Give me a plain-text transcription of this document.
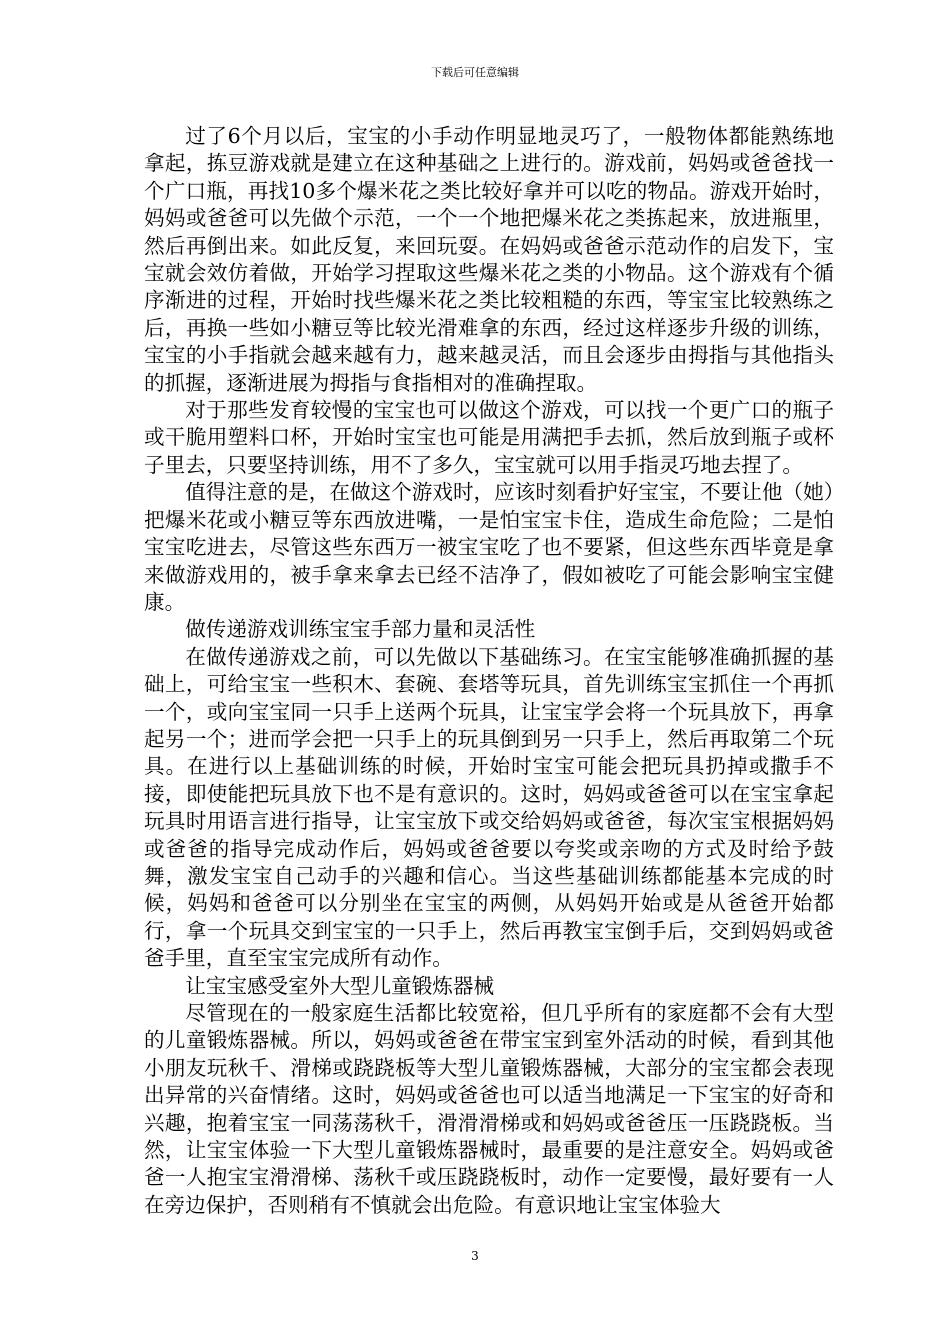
下载后可任意编辑

过了6个月以后，宝宝的小手动作明显地灵巧了，一般物体都能熟练地拿起，拣豆游戏就是建立在这种基础之上进行的。游戏前，妈妈或爸爸找一个广口瓶，再找10多个爆米花之类比较好拿并可以吃的物品。游戏开始时，妈妈或爸爸可以先做个示范，一个一个地把爆米花之类拣起来，放进瓶里，然后再倒出来。如此反复，来回玩耍。在妈妈或爸爸示范动作的启发下，宝宝就会效仿着做，开始学习捏取这些爆米花之类的小物品。这个游戏有个循序渐进的过程，开始时找些爆米花之类比较粗糙的东西，等宝宝比较熟练之后，再换一些如小糖豆等比较光滑难拿的东西，经过这样逐步升级的训练，宝宝的小手指就会越来越有力，越来越灵活，而且会逐步由拇指与其他指头的抓握，逐渐进展为拇指与食指相对的准确捏取。

对于那些发育较慢的宝宝也可以做这个游戏，可以找一个更广口的瓶子或干脆用塑料口杯，开始时宝宝也可能是用满把手去抓，然后放到瓶子或杯子里去，只要坚持训练，用不了多久，宝宝就可以用手指灵巧地去捏了。

值得注意的是，在做这个游戏时，应该时刻看护好宝宝，不要让他（她）把爆米花或小糖豆等东西放进嘴，一是怕宝宝卡住，造成生命危险；二是怕宝宝吃进去，尽管这些东西万一被宝宝吃了也不要紧，但这些东西毕竟是拿来做游戏用的，被手拿来拿去已经不洁净了，假如被吃了可能会影响宝宝健康。

做传递游戏训练宝宝手部力量和灵活性

在做传递游戏之前，可以先做以下基础练习。在宝宝能够准确抓握的基础上，可给宝宝一些积木、套碗、套塔等玩具，首先训练宝宝抓住一个再抓一个，或向宝宝同一只手上送两个玩具，让宝宝学会将一个玩具放下，再拿起另一个；进而学会把一只手上的玩具倒到另一只手上，然后再取第二个玩具。在进行以上基础训练的时候，开始时宝宝可能会把玩具扔掉或撒手不接，即使能把玩具放下也不是有意识的。这时，妈妈或爸爸可以在宝宝拿起玩具时用语言进行指导，让宝宝放下或交给妈妈或爸爸，每次宝宝根据妈妈或爸爸的指导完成动作后，妈妈或爸爸要以夸奖或亲吻的方式及时给予鼓舞，激发宝宝自己动手的兴趣和信心。当这些基础训练都能基本完成的时候，妈妈和爸爸可以分别坐在宝宝的两侧，从妈妈开始或是从爸爸开始都行，拿一个玩具交到宝宝的一只手上，然后再教宝宝倒手后，交到妈妈或爸爸手里，直至宝宝完成所有动作。

让宝宝感受室外大型儿童锻炼器械

尽管现在的一般家庭生活都比较宽裕，但几乎所有的家庭都不会有大型的儿童锻炼器械。所以，妈妈或爸爸在带宝宝到室外活动的时候，看到其他小朋友玩秋千、滑梯或跷跷板等大型儿童锻炼器械，大部分的宝宝都会表现出异常的兴奋情绪。这时，妈妈或爸爸也可以适当地满足一下宝宝的好奇和兴趣，抱着宝宝一同荡荡秋千，滑滑滑梯或和妈妈或爸爸压一压跷跷板。当然，让宝宝体验一下大型儿童锻炼器械时，最重要的是注意安全。妈妈或爸爸一人抱宝宝滑滑梯、荡秋千或压跷跷板时，动作一定要慢，最好要有一人在旁边保护，否则稍有不慎就会出危险。有意识地让宝宝体验大

3
